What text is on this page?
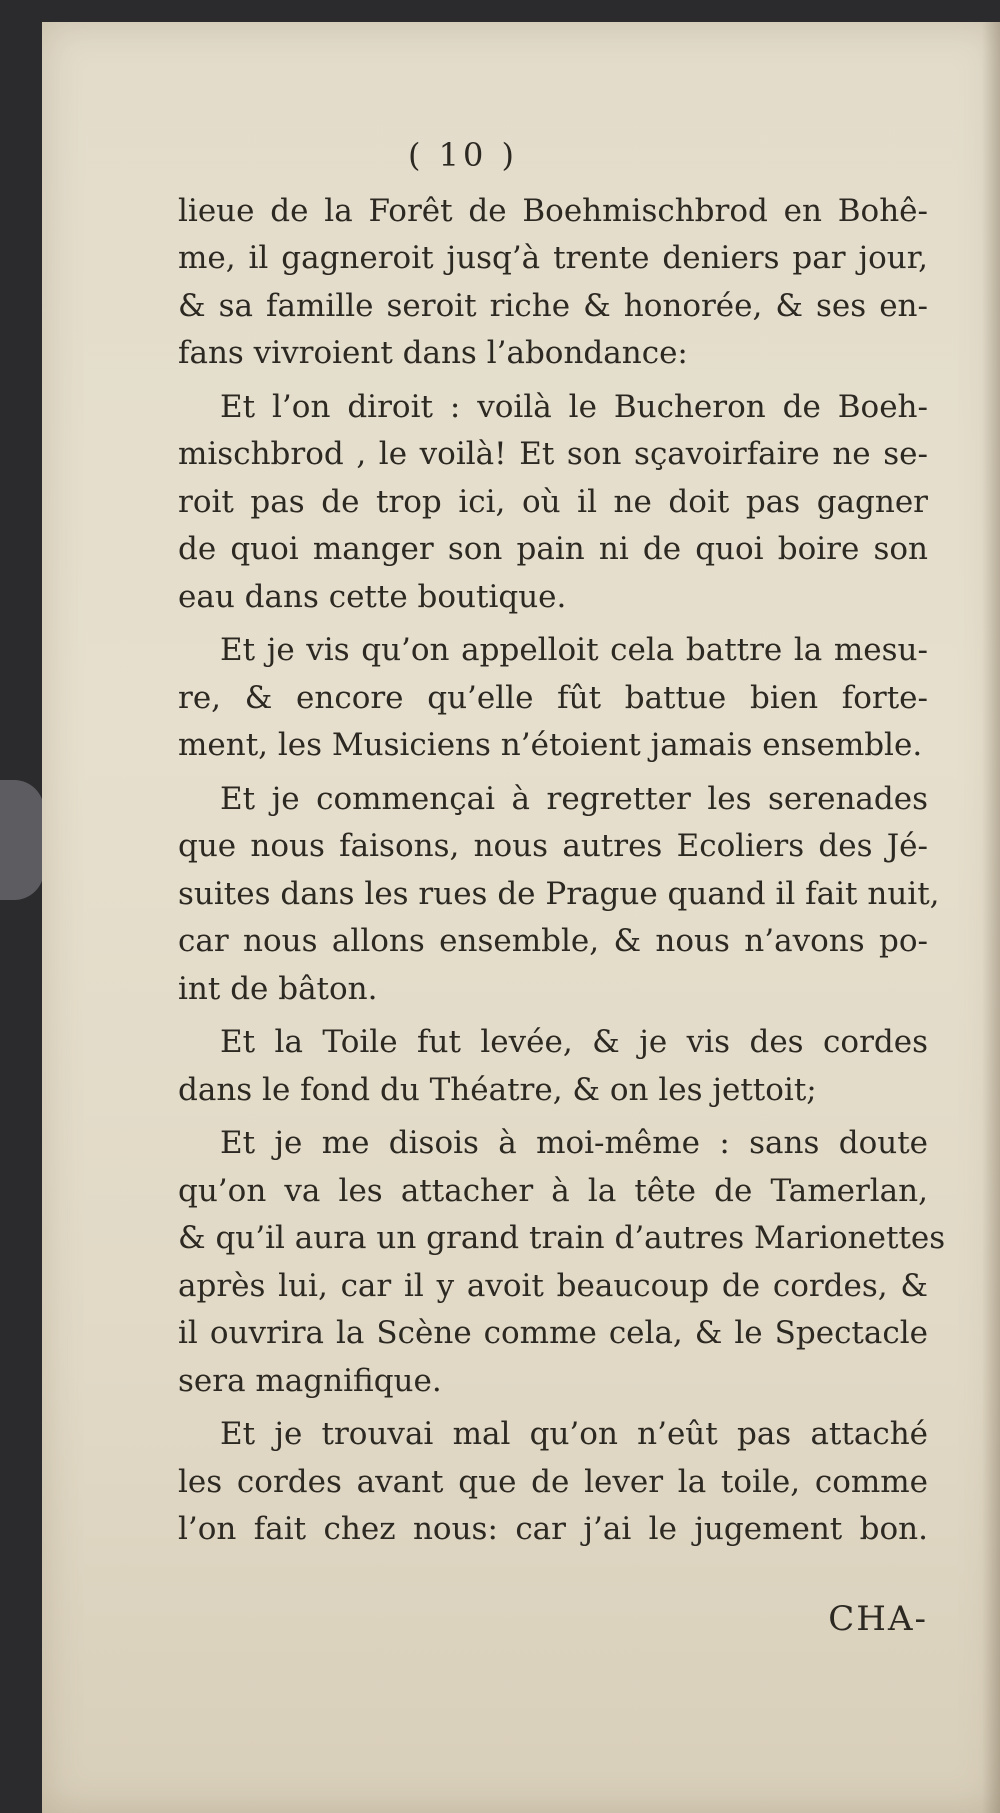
( 10 )
lieue de la Forêt de Boehmischbrod en Bohê-
me, il gagneroit jusq’à trente deniers par jour,
& sa famille seroit riche & honorée, & ses en-
fans vivroient dans l’abondance:
Et l’on diroit : voilà le Bucheron de Boeh-
mischbrod , le voilà! Et son sçavoirfaire ne se-
roit pas de trop ici, où il ne doit pas gagner
de quoi manger son pain ni de quoi boire son
eau dans cette boutique.
Et je vis qu’on appelloit cela battre la mesu-
re, & encore qu’elle fût battue bien forte-
ment, les Musiciens n’étoient jamais ensemble.
Et je commençai à regretter les serenades
que nous faisons, nous autres Ecoliers des Jé-
suites dans les rues de Prague quand il fait nuit,
car nous allons ensemble, & nous n’avons po-
int de bâton.
Et la Toile fut levée, & je vis des cordes
dans le fond du Théatre, & on les jettoit;
Et je me disois à moi-même : sans doute
qu’on va les attacher à la tête de Tamerlan,
& qu’il aura un grand train d’autres Marionettes
après lui, car il y avoit beaucoup de cordes, &
il ouvrira la Scène comme cela, & le Spectacle
sera magnifique.
Et je trouvai mal qu’on n’eût pas attaché
les cordes avant que de lever la toile, comme
l’on fait chez nous: car j’ai le jugement bon.
CHA-
